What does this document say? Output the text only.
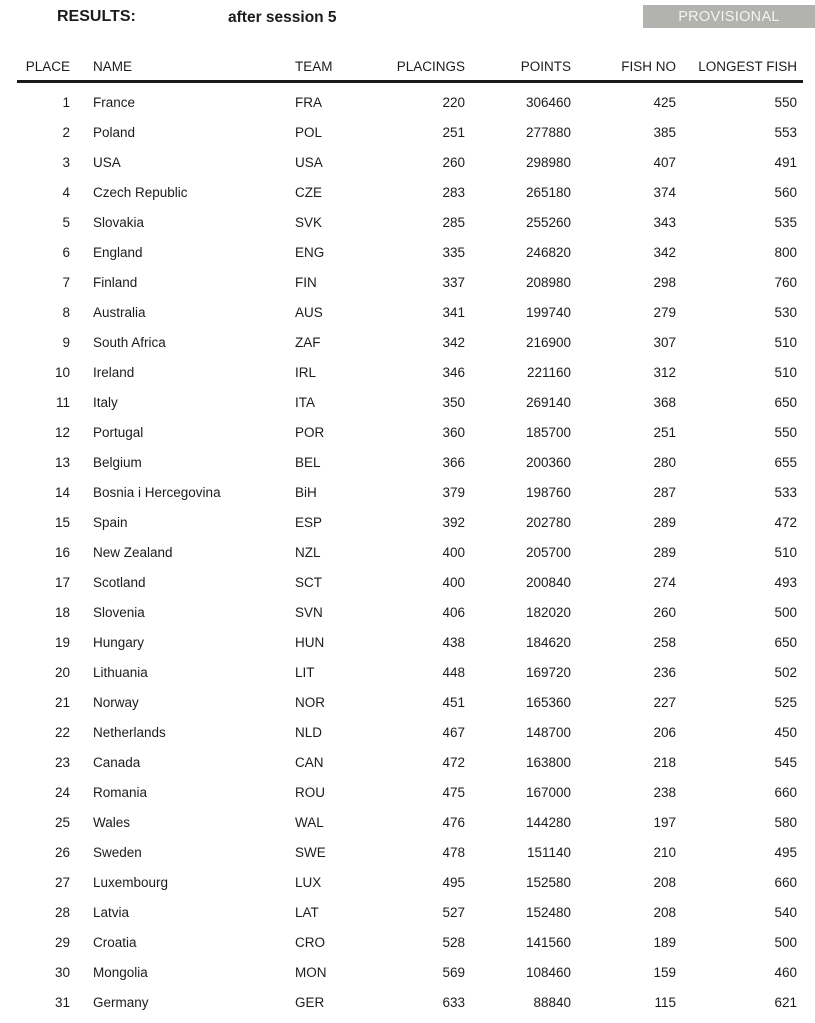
RESULTS:	after session 5	PROVISIONAL
PLACE	NAME	TEAM	PLACINGS	POINTS	FISH NO	LONGEST FISH

1	France	FRA	220	306460	425	550
2	Poland	POL	251	277880	385	553
3	USA	USA	260	298980	407	491
4	Czech Republic	CZE	283	265180	374	560
5	Slovakia	SVK	285	255260	343	535
6	England	ENG	335	246820	342	800
7	Finland	FIN	337	208980	298	760
8	Australia	AUS	341	199740	279	530
9	South Africa	ZAF	342	216900	307	510
10	Ireland	IRL	346	221160	312	510
11	Italy	ITA	350	269140	368	650
12	Portugal	POR	360	185700	251	550
13	Belgium	BEL	366	200360	280	655
14	Bosnia i Hercegovina	BiH	379	198760	287	533
15	Spain	ESP	392	202780	289	472
16	New Zealand	NZL	400	205700	289	510
17	Scotland	SCT	400	200840	274	493
18	Slovenia	SVN	406	182020	260	500
19	Hungary	HUN	438	184620	258	650
20	Lithuania	LIT	448	169720	236	502
21	Norway	NOR	451	165360	227	525
22	Netherlands	NLD	467	148700	206	450
23	Canada	CAN	472	163800	218	545
24	Romania	ROU	475	167000	238	660
25	Wales	WAL	476	144280	197	580
26	Sweden	SWE	478	151140	210	495
27	Luxembourg	LUX	495	152580	208	660
28	Latvia	LAT	527	152480	208	540
29	Croatia	CRO	528	141560	189	500
30	Mongolia	MON	569	108460	159	460
31	Germany	GER	633	88840	115	621
